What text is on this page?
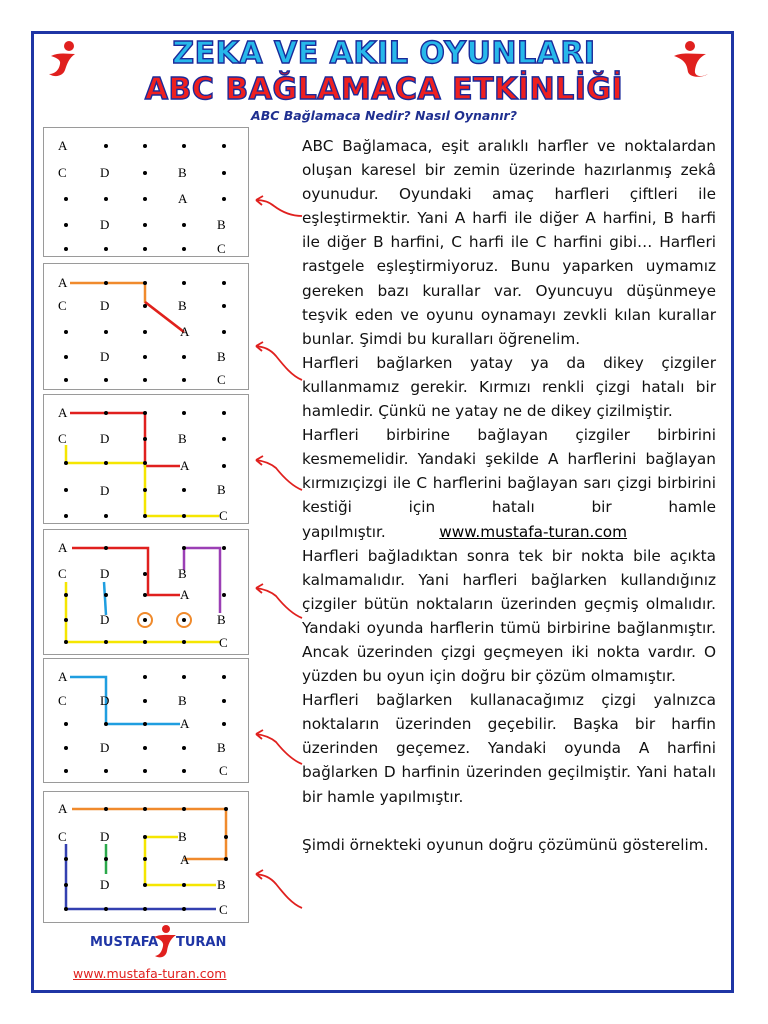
ZEKA VE AKIL OYUNLARI
ABC BAĞLAMACA ETKİNLİĞİ
ABC Bağlamaca Nedir? Nasıl Oynanır?
A
C	D	B
A
D	B
C
A
C	D	B
A
D	B
C
A
C	D	B
A
D	B
C
A
C	D	B
A
D	B
C
A
C	D	B
A
D	B
C
A
C	D	B
A
D	B
C

ABC Bağlamaca, eşit aralıklı harfler ve noktalardan oluşan karesel bir zemin üzerinde hazırlanmış zekâ oyunudur. Oyundaki amaç harfleri çiftleri ile eşleştirmektir. Yani A harfi ile diğer A harfini, B harfi ile diğer B harfini, C harfi ile C harfini gibi… Harfleri rastgele eşleştirmiyoruz. Bunu yaparken uymamız gereken bazı kurallar var. Oyuncuyu düşünmeye teşvik eden ve oyunu oynamayı zevkli kılan kurallar bunlar. Şimdi bu kuralları öğrenelim.

Harfleri bağlarken yatay ya da dikey çizgiler kullanmamız gerekir. Kırmızı renkli çizgi hatalı bir hamledir. Çünkü ne yatay ne de dikey çizilmiştir.

Harfleri birbirine bağlayan çizgiler birbirini kesmemelidir. Yandaki şekilde A harflerini bağlayan kırmızıçizgi ile C harflerini bağlayan sarı çizgi birbirini kestiği için hatalı bir hamle yapılmıştır.	www.mustafa-turan.com

Harfleri bağladıktan sonra tek bir nokta bile açıkta kalmamalıdır. Yani harfleri bağlarken kullandığınız çizgiler bütün noktaların üzerinden geçmiş olmalıdır. Yandaki oyunda harflerin tümü birbirine bağlanmıştır. Ancak üzerinden çizgi geçmeyen iki nokta vardır. O yüzden bu oyun için doğru bir çözüm olmamıştır.

Harfleri bağlarken kullanacağımız çizgi yalnızca noktaların üzerinden geçebilir. Başka bir harfin üzerinden geçemez. Yandaki oyunda A harfini bağlarken D harfinin üzerinden geçilmiştir. Yani hatalı bir hamle yapılmıştır.

Şimdi örnekteki oyunun doğru çözümünü gösterelim.

MUSTAFA TURAN
www.mustafa-turan.com
